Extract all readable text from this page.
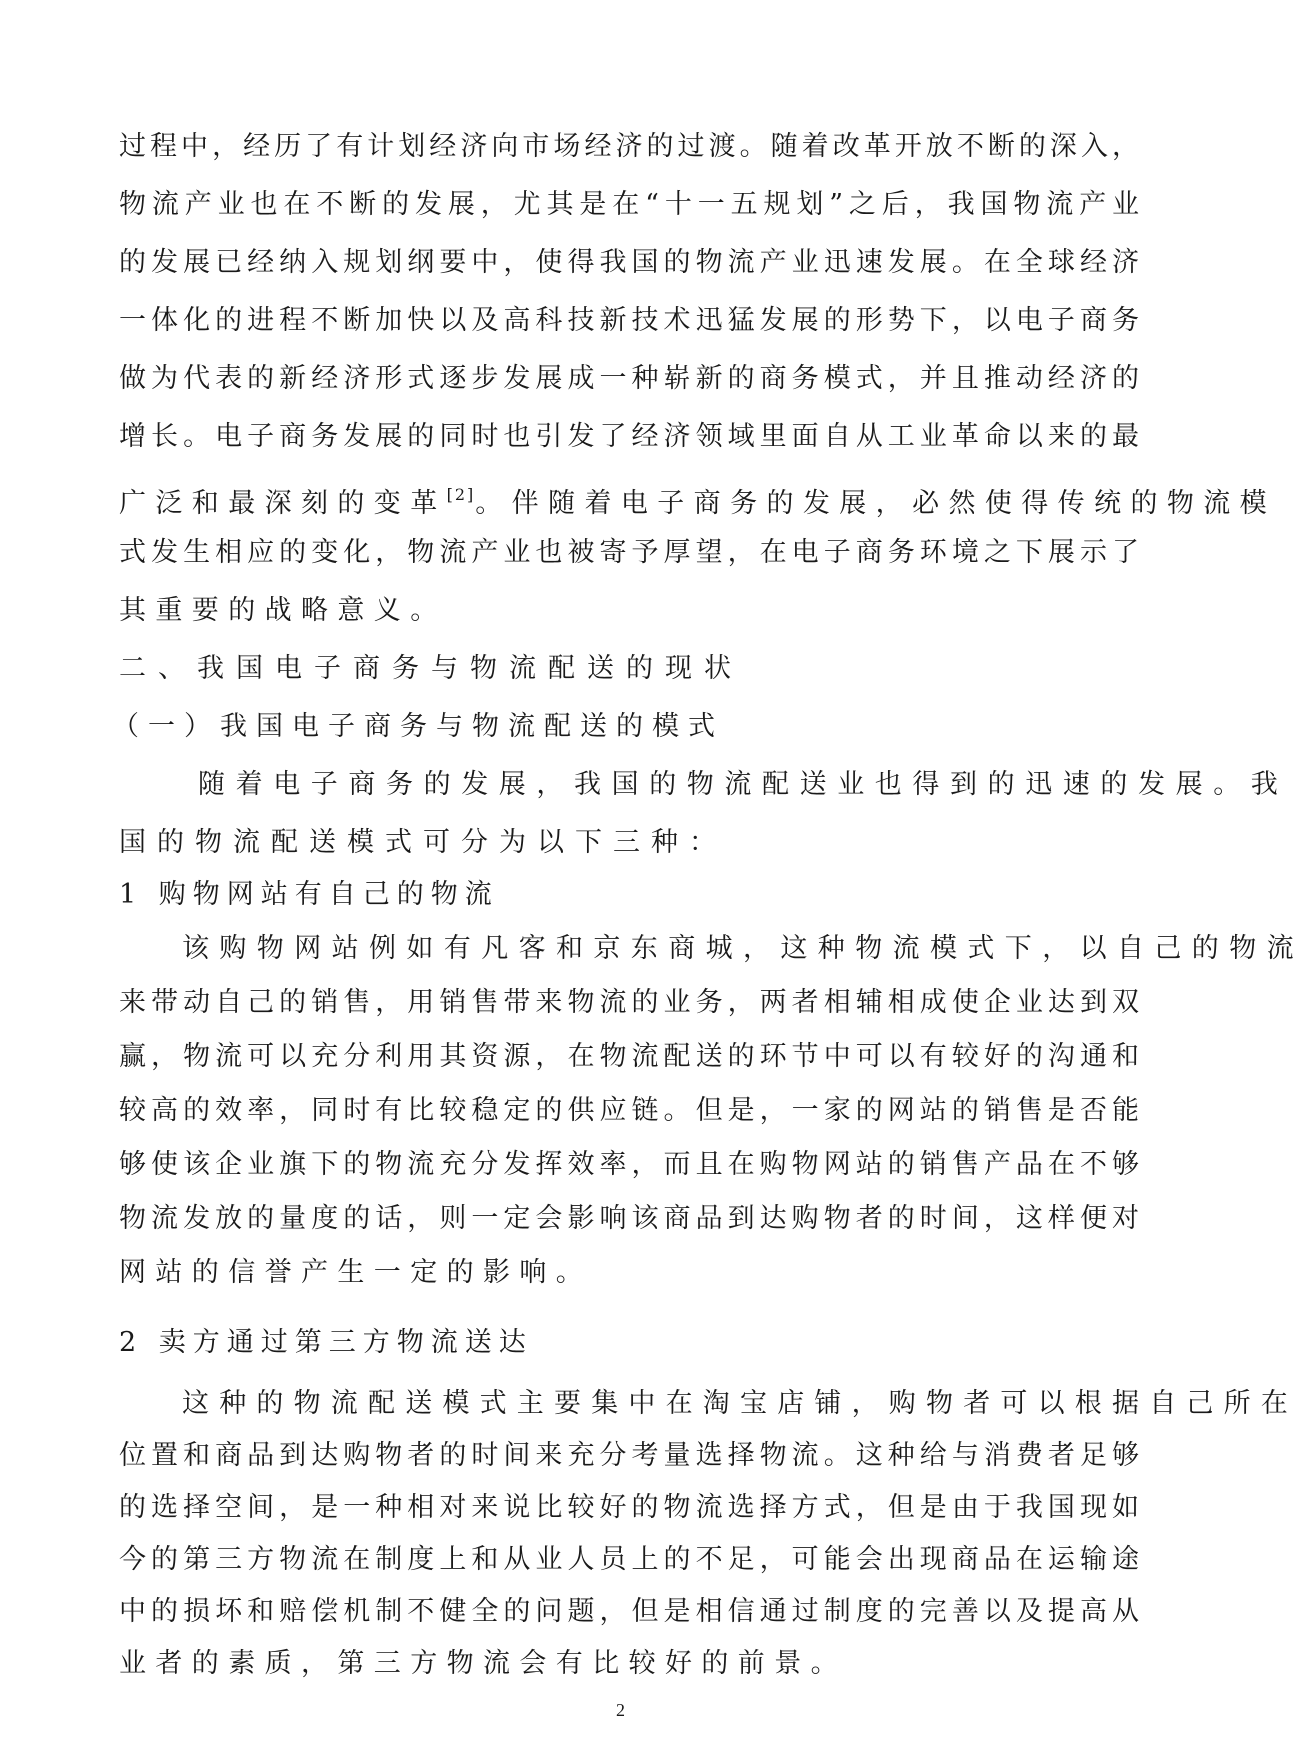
过程中，经历了有计划经济向市场经济的过渡。随着改革开放不断的深入，
物流产业也在不断的发展，尤其是在“十一五规划”之后，我国物流产业
的发展已经纳入规划纲要中，使得我国的物流产业迅速发展。在全球经济
一体化的进程不断加快以及高科技新技术迅猛发展的形势下，以电子商务
做为代表的新经济形式逐步发展成一种崭新的商务模式，并且推动经济的
增长。电子商务发展的同时也引发了经济领域里面自从工业革命以来的最
广泛和最深刻的变革[2]。伴随着电子商务的发展，必然使得传统的物流模
式发生相应的变化，物流产业也被寄予厚望，在电子商务环境之下展示了
其重要的战略意义。
二、我国电子商务与物流配送的现状
（一）我国电子商务与物流配送的模式
随着电子商务的发展，我国的物流配送业也得到的迅速的发展。我
国的物流配送模式可分为以下三种：
1 购物网站有自己的物流
该购物网站例如有凡客和京东商城，这种物流模式下，以自己的物流
来带动自己的销售，用销售带来物流的业务，两者相辅相成使企业达到双
赢，物流可以充分利用其资源，在物流配送的环节中可以有较好的沟通和
较高的效率，同时有比较稳定的供应链。但是，一家的网站的销售是否能
够使该企业旗下的物流充分发挥效率，而且在购物网站的销售产品在不够
物流发放的量度的话，则一定会影响该商品到达购物者的时间，这样便对
网站的信誉产生一定的影响。
2 卖方通过第三方物流送达
这种的物流配送模式主要集中在淘宝店铺，购物者可以根据自己所在
位置和商品到达购物者的时间来充分考量选择物流。这种给与消费者足够
的选择空间，是一种相对来说比较好的物流选择方式，但是由于我国现如
今的第三方物流在制度上和从业人员上的不足，可能会出现商品在运输途
中的损坏和赔偿机制不健全的问题，但是相信通过制度的完善以及提高从
业者的素质，第三方物流会有比较好的前景。
2
